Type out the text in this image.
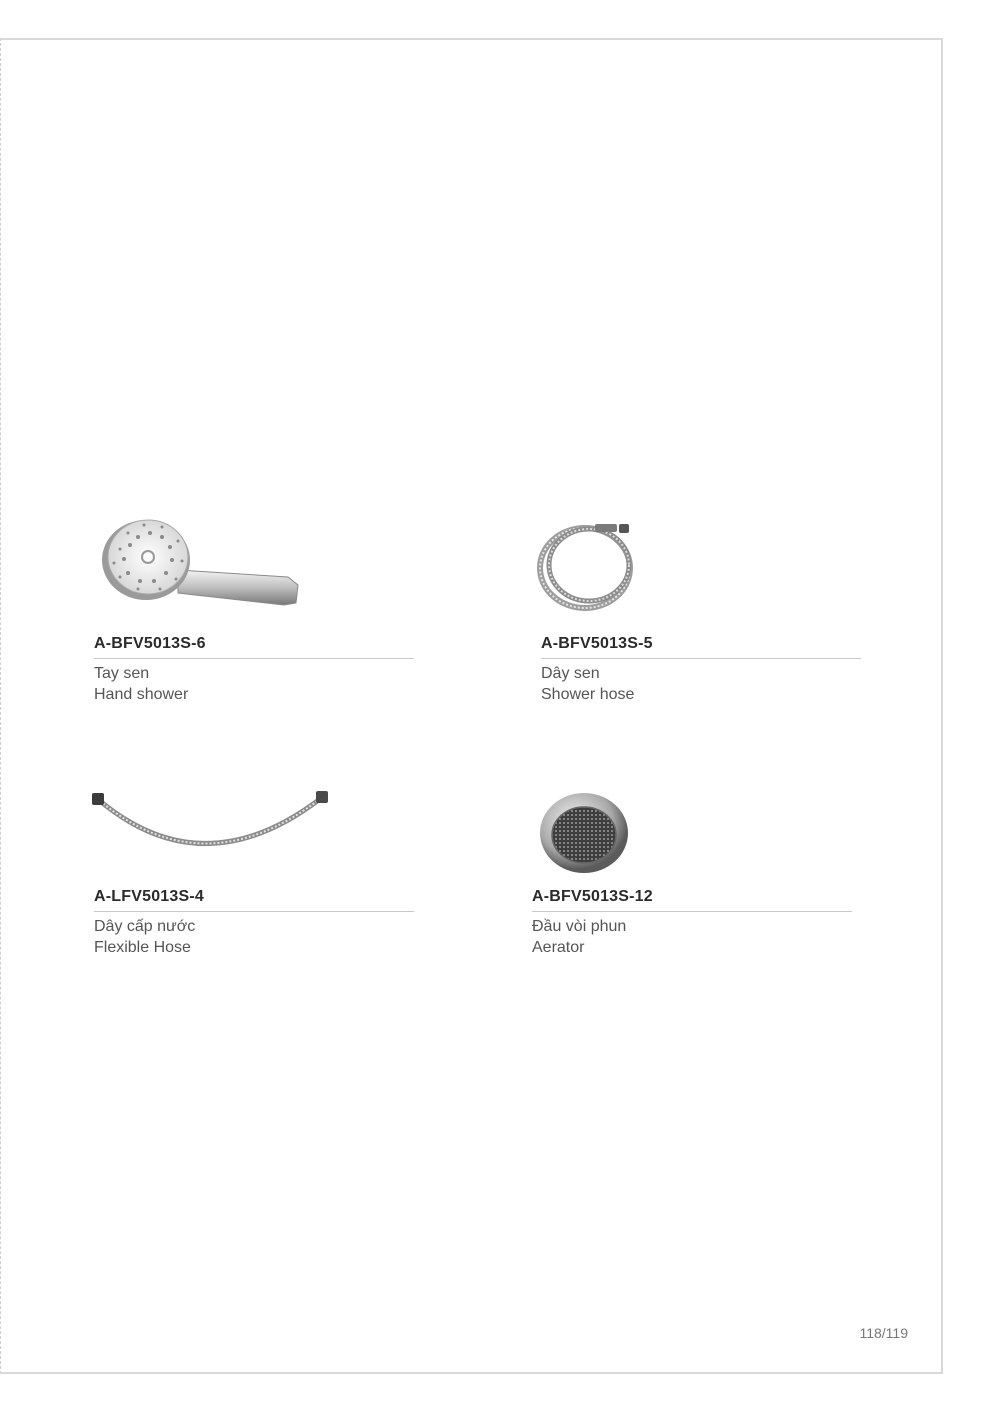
A-BFV5013S-6
Tay sen
Hand shower
A-BFV5013S-5
Dây sen
Shower hose
A-LFV5013S-4
Dây cấp nước
Flexible Hose
A-BFV5013S-12
Đầu vòi phun
Aerator
118/119
